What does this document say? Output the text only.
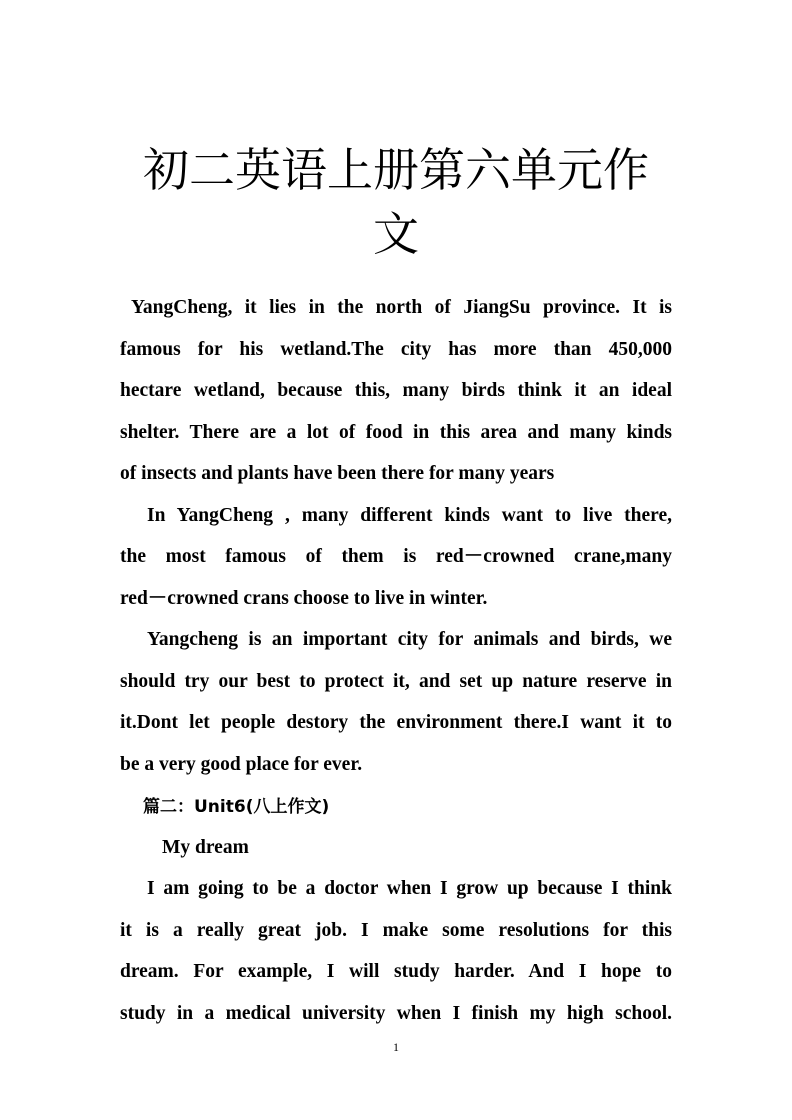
初二英语上册第六单元作
文

YangCheng, it lies in the north of JiangSu province. It is

famous for his wetland.The city has more than 450,000

hectare wetland, because this, many birds think it an ideal

shelter. There are a lot of food in this area and many kinds

of insects and plants have been there for many years

In YangCheng , many different kinds want to live there,

the most famous of them is red－crowned crane,many

red－crowned crans choose to live in winter.

Yangcheng is an important city for animals and birds, we

should try our best to protect it, and set up nature reserve in

it.Dont let people destory the environment there.I want it to

be a very good place for ever.

篇二：Unit6(八上作文)

My dream

I am going to be a doctor when I grow up because I think

it is a really great job. I make some resolutions for this

dream. For example, I will study harder. And I hope to

study in a medical university when I finish my high school.

1
